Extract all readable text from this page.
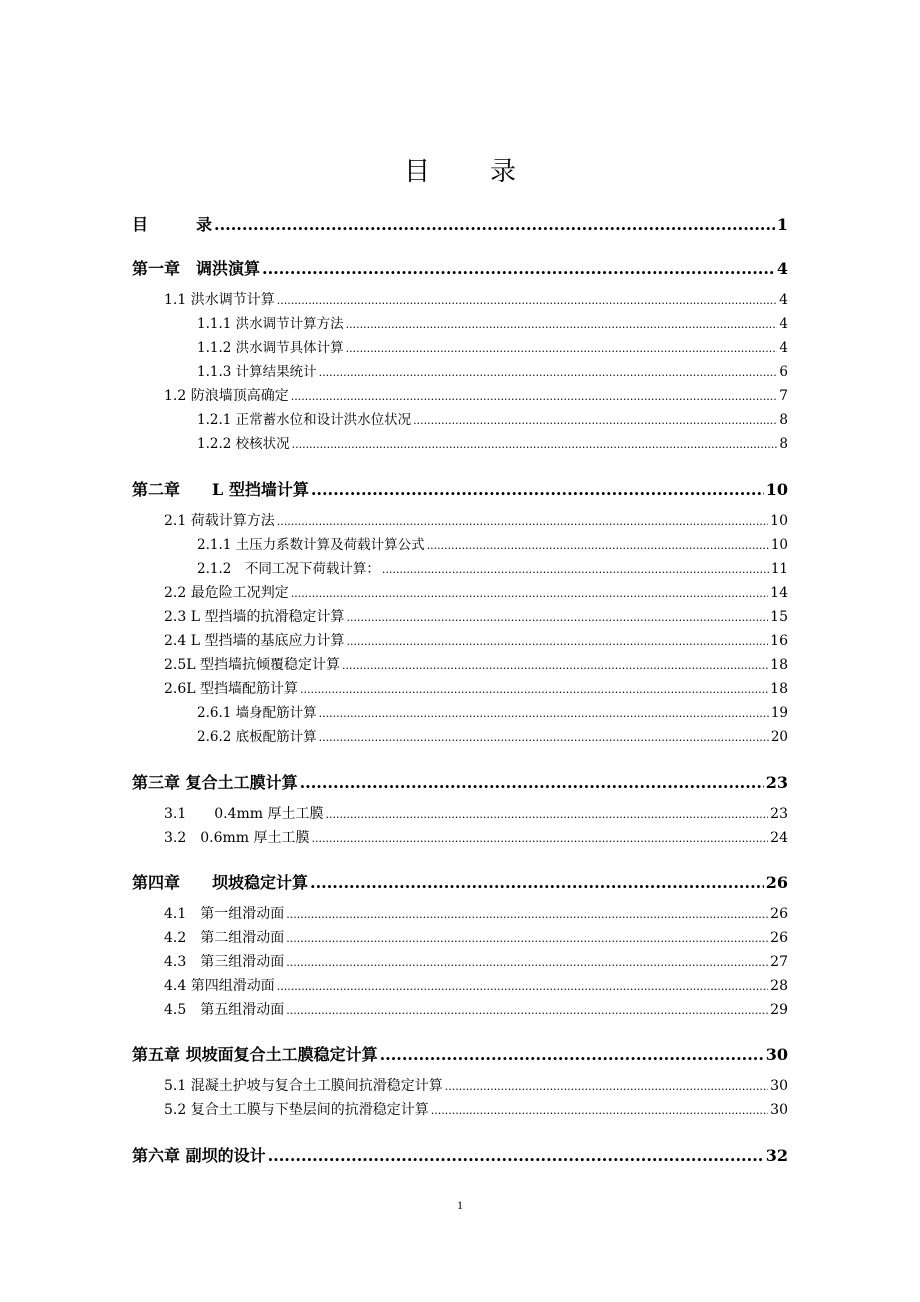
目 录
目　　　录 .....	1
第一章　调洪演算 .....	4
1.1 洪水调节计算 .....	4
1.1.1 洪水调节计算方法 .....	4
1.1.2 洪水调节具体计算 .....	4
1.1.3 计算结果统计 .....	6
1.2 防浪墙顶高确定 .....	7
1.2.1 正常蓄水位和设计洪水位状况 .....	8
1.2.2 校核状况 .....	8
第二章　　L 型挡墙计算 .....	10
2.1 荷载计算方法 .....	10
2.1.1 土压力系数计算及荷载计算公式 .....	10
2.1.2　不同工况下荷载计算： .....	11
2.2 最危险工况判定 .....	14
2.3 L 型挡墙的抗滑稳定计算 .....	15
2.4 L 型挡墙的基底应力计算 .....	16
2.5L 型挡墙抗倾覆稳定计算 .....	18
2.6L 型挡墙配筋计算 .....	18
2.6.1 墙身配筋计算 .....	19
2.6.2 底板配筋计算 .....	20
第三章 复合土工膜计算 .....	23
3.1　　0.4mm 厚土工膜 .....	23
3.2　0.6mm 厚土工膜 .....	24
第四章　　坝坡稳定计算 .....	26
4.1　第一组滑动面 .....	26
4.2　第二组滑动面 .....	26
4.3　第三组滑动面 .....	27
4.4 第四组滑动面 .....	28
4.5　第五组滑动面 .....	29
第五章 坝坡面复合土工膜稳定计算 .....	30
5.1 混凝土护坡与复合土工膜间抗滑稳定计算 .....	30
5.2 复合土工膜与下垫层间的抗滑稳定计算 .....	30
第六章 副坝的设计 .....	32
1
